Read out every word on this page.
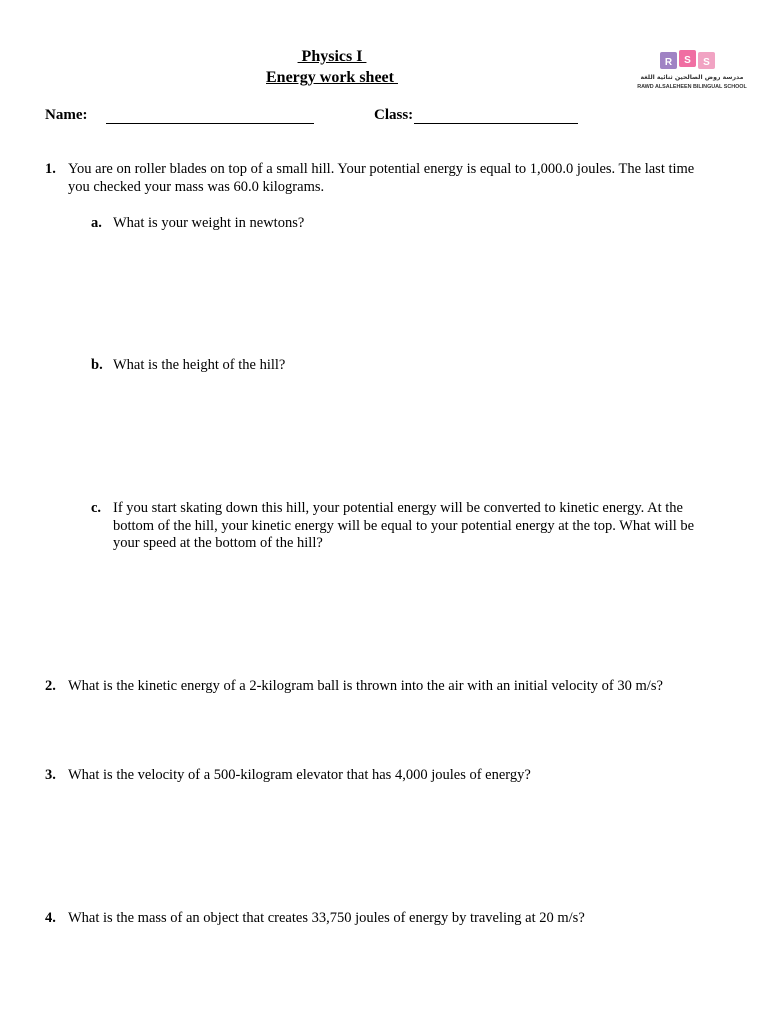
Physics I
Energy work sheet
R S S
مدرسة روض الصالحين ثنائية اللغة
RAWD ALSALEHEEN BILINGUAL SCHOOL
Name:	Class:
1. You are on roller blades on top of a small hill. Your potential energy is equal to 1,000.0 joules. The last time
you checked your mass was 60.0 kilograms.
a. What is your weight in newtons?
b. What is the height of the hill?
c. If you start skating down this hill, your potential energy will be converted to kinetic energy. At the
bottom of the hill, your kinetic energy will be equal to your potential energy at the top. What will be
your speed at the bottom of the hill?
2. What is the kinetic energy of a 2-kilogram ball is thrown into the air with an initial velocity of 30 m/s?
3. What is the velocity of a 500-kilogram elevator that has 4,000 joules of energy?
4. What is the mass of an object that creates 33,750 joules of energy by traveling at 20 m/s?
